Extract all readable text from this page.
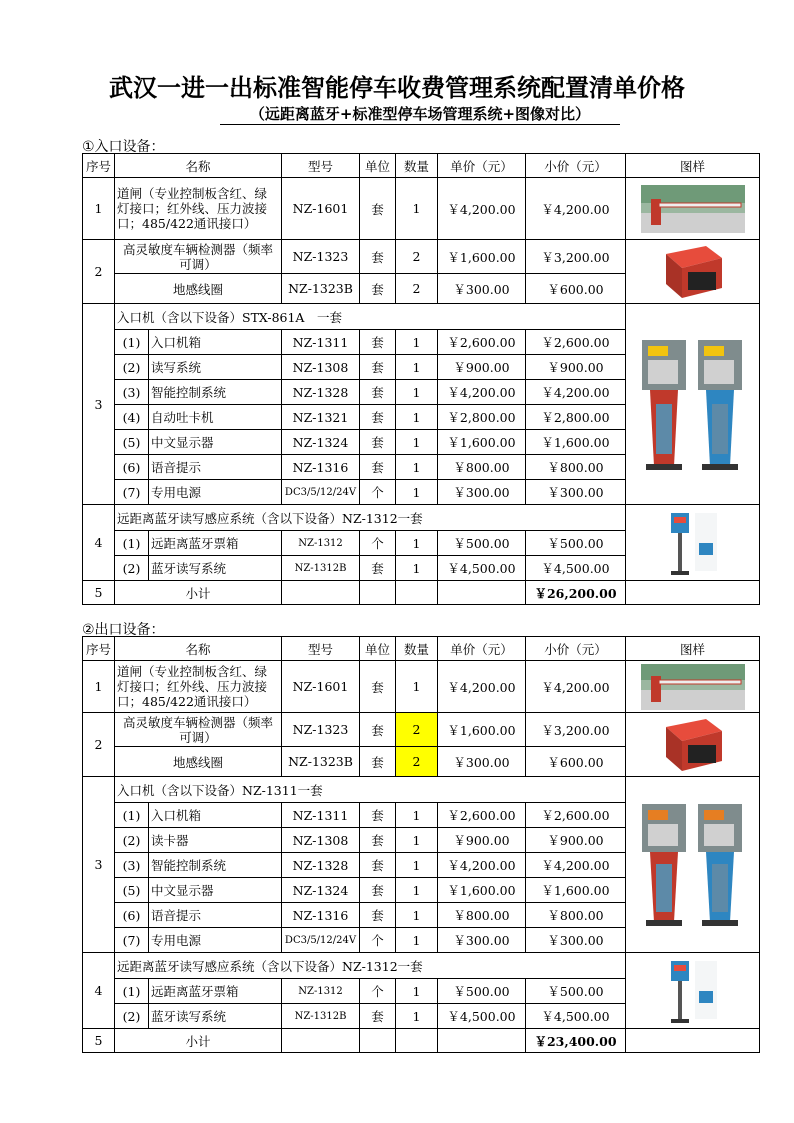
武汉一进一出标准智能停车收费管理系统配置清单价格
（远距离蓝牙+标准型停车场管理系统+图像对比）
①入口设备：
序号	名称		型号	单位	数量	单价（元）	小价（元）	图样
1	道闸（专业控制板含红、绿灯接口；红外线、压力波接口；485/422通讯接口）		NZ-1601	套	1	￥4,200.00	￥4,200.00	

2	高灵敏度车辆检测器（频率可调）		NZ-1323	套	2	￥1,600.00	￥3,200.00	

	地感线圈		NZ-1323B	套	2	￥300.00	￥600.00	
3	入口机（含以下设备）STX-861A　一套	

	(1)	入口机箱	NZ-1311	套	1	￥2,600.00	￥2,600.00	
	(2)	读写系统	NZ-1308	套	1	￥900.00	￥900.00	
	(3)	智能控制系统	NZ-1328	套	1	￥4,200.00	￥4,200.00	
	(4)	自动吐卡机	NZ-1321	套	1	￥2,800.00	￥2,800.00	
	(5)	中文显示器	NZ-1324	套	1	￥1,600.00	￥1,600.00	
	(6)	语音提示	NZ-1316	套	1	￥800.00	￥800.00	
	(7)	专用电源	DC3/5/12/24V	个	1	￥300.00	￥300.00	
4	远距离蓝牙读写感应系统（含以下设备）NZ-1312一套	

	(1)	远距离蓝牙票箱	NZ-1312	个	1	￥500.00	￥500.00	
	(2)	蓝牙读写系统	NZ-1312B	套	1	￥4,500.00	￥4,500.00	
5	小计						￥26,200.00	
②出口设备：
序号	名称		型号	单位	数量	单价（元）	小价（元）	图样
1	道闸（专业控制板含红、绿灯接口；红外线、压力波接口；485/422通讯接口）		NZ-1601	套	1	￥4,200.00	￥4,200.00	

2	高灵敏度车辆检测器（频率可调）		NZ-1323	套	2	￥1,600.00	￥3,200.00	

	地感线圈		NZ-1323B	套	2	￥300.00	￥600.00	
3	入口机（含以下设备）NZ-1311一套	

	(1)	入口机箱	NZ-1311	套	1	￥2,600.00	￥2,600.00	
	(2)	读卡器	NZ-1308	套	1	￥900.00	￥900.00	
	(3)	智能控制系统	NZ-1328	套	1	￥4,200.00	￥4,200.00	
	(5)	中文显示器	NZ-1324	套	1	￥1,600.00	￥1,600.00	
	(6)	语音提示	NZ-1316	套	1	￥800.00	￥800.00	
	(7)	专用电源	DC3/5/12/24V	个	1	￥300.00	￥300.00	
4	远距离蓝牙读写感应系统（含以下设备）NZ-1312一套	

	(1)	远距离蓝牙票箱	NZ-1312	个	1	￥500.00	￥500.00	
	(2)	蓝牙读写系统	NZ-1312B	套	1	￥4,500.00	￥4,500.00	
5	小计						￥23,400.00	
